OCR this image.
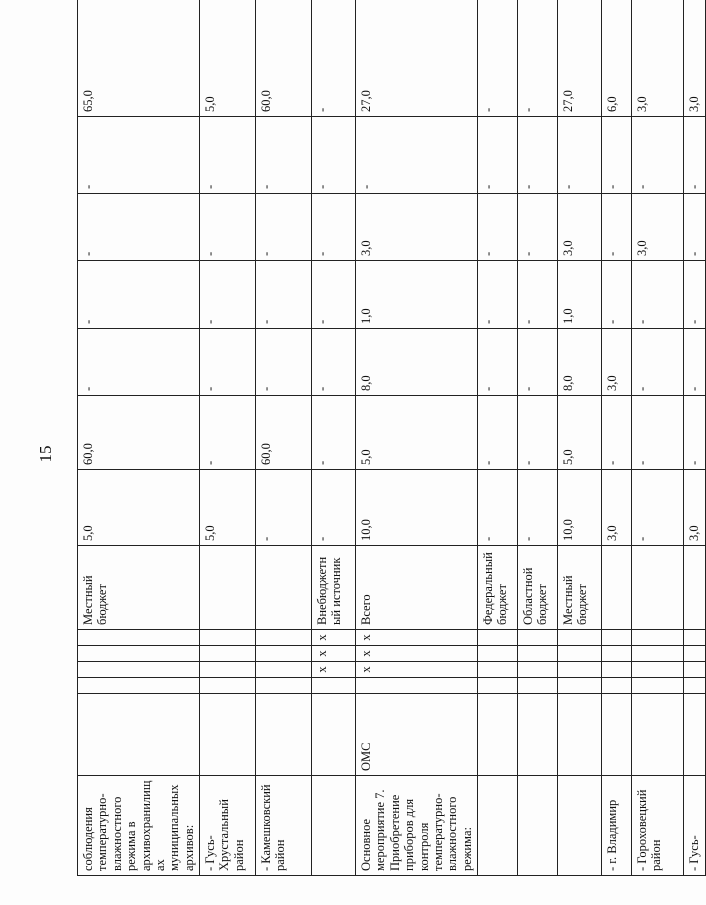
15
соблюдения температурно-влажностного режима в архивохранилищах муниципальных архивов:						Местный бюджет	5,0	60,0	-	-	-	-	65,0
- Гусь-Хрустальный район							5,0	-	-	-	-	-	5,0
- Камешковский район							-	60,0	-	-	-	-	60,0
			х	х	х	Внебюджетный источник	-	-	-	-	-	-	-
Основное мероприятие 7. Приобретение приборов для контроля температурно-влажностного режима:	ОМС		х	х	х	Всего	10,0	5,0	8,0	1,0	3,0	-	27,0
						Федеральный бюджет	-	-	-	-	-	-	-
						Областной бюджет	-	-	-	-	-	-	-
						Местный бюджет	10,0	5,0	8,0	1,0	3,0	-	27,0
- г. Владимир							3,0	-	3,0	-	-	-	6,0
- Гороховецкий район							-	-	-	-	3,0	-	3,0
- Гусь-							3,0	-	-	-	-	-	3,0
